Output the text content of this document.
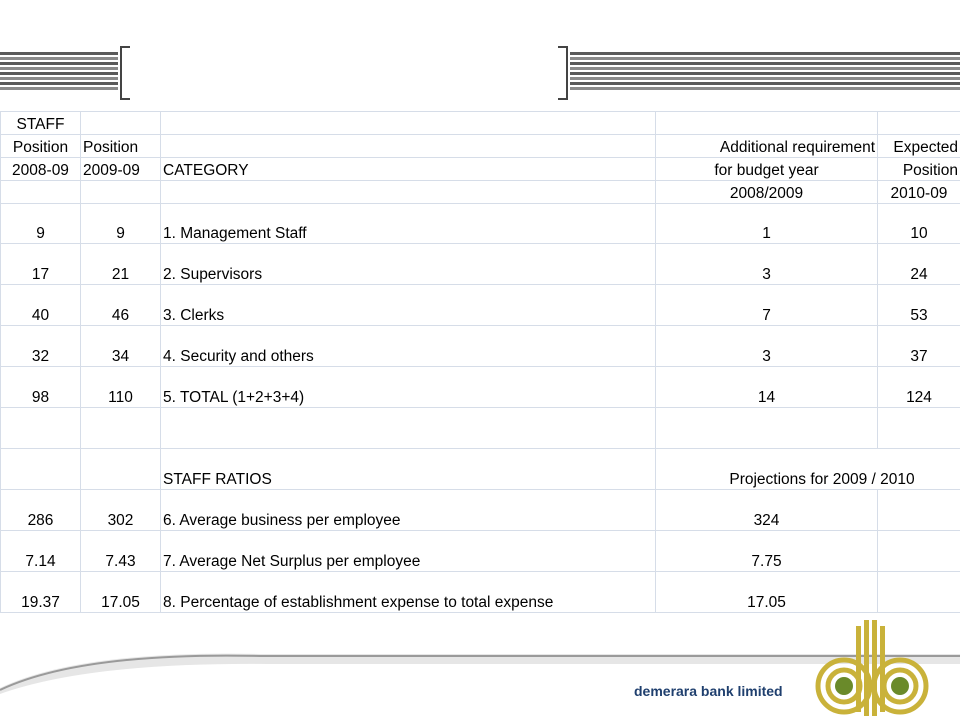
STAFF				
Position	Position		Additional requirement	Expected
2008-09	2009-09	CATEGORY	for budget year	Position
			2008/2009	2010-09
9	9	1. Management Staff	1	10
17	21	2. Supervisors	3	24
40	46	3. Clerks	7	53
32	34	4. Security and others	3	37
98	110	5. TOTAL (1+2+3+4)	14	124

		STAFF RATIOS	Projections for 2009 / 2010	
286	302	6. Average business per employee	324	
7.14	7.43	7. Average Net Surplus per employee	7.75	
19.37	17.05	8. Percentage of establishment expense to total expense	17.05	
demerara bank limited
